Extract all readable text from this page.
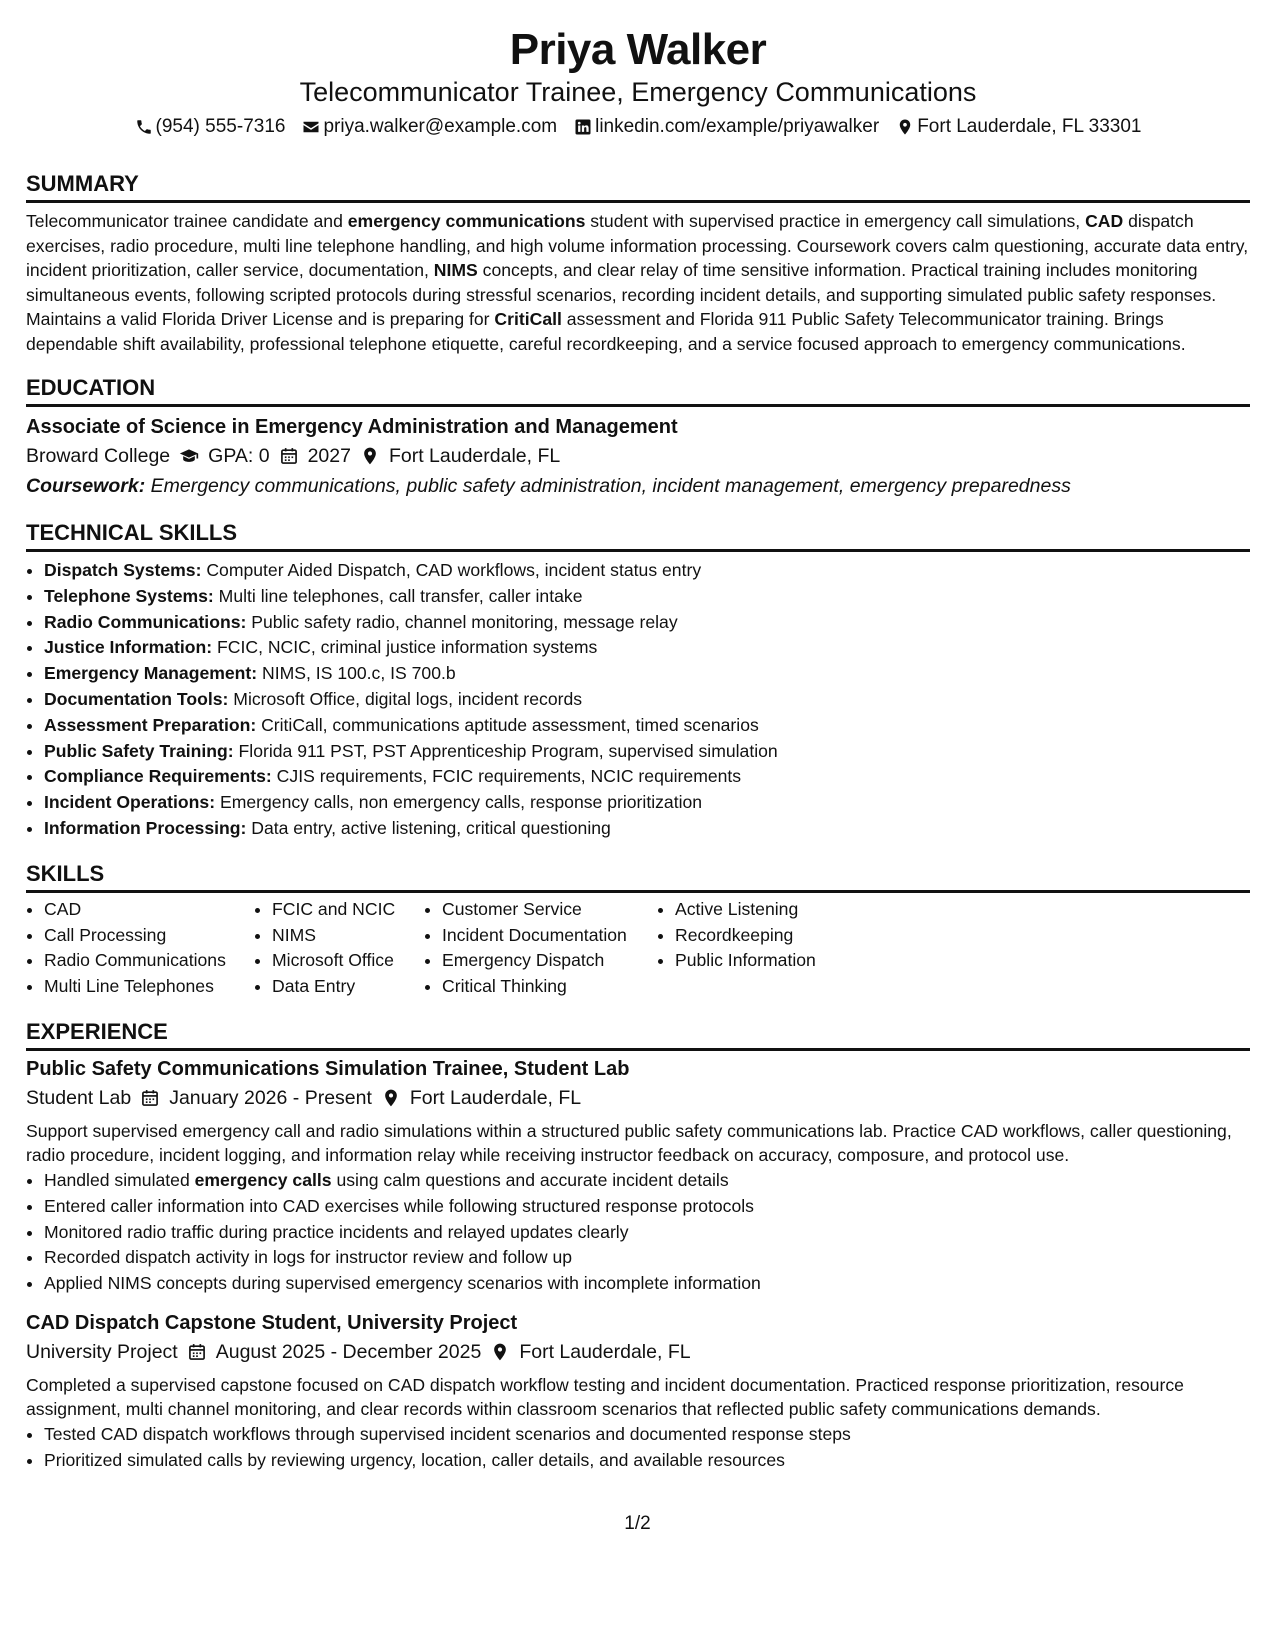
Priya Walker
Telecommunicator Trainee, Emergency Communications
(954) 555-7316 priya.walker@example.com linkedin.com/example/priyawalker Fort Lauderdale, FL 33301
SUMMARY

Telecommunicator trainee candidate and emergency communications student with supervised practice in emergency call simulations, CAD dispatch exercises, radio procedure, multi line telephone handling, and high volume information processing. Coursework covers calm questioning, accurate data entry, incident prioritization, caller service, documentation, NIMS concepts, and clear relay of time sensitive information. Practical training includes monitoring simultaneous events, following scripted protocols during stressful scenarios, recording incident details, and supporting simulated public safety responses. Maintains a valid Florida Driver License and is preparing for CritiCall assessment and Florida 911 Public Safety Telecommunicator training. Brings dependable shift availability, professional telephone etiquette, careful recordkeeping, and a service focused approach to emergency communications.

EDUCATION
Associate of Science in Emergency Administration and Management
Broward College GPA: 0 2027 Fort Lauderdale, FL
Coursework: Emergency communications, public safety administration, incident management, emergency preparedness
TECHNICAL SKILLS
• Dispatch Systems: Computer Aided Dispatch, CAD workflows, incident status entry
• Telephone Systems: Multi line telephones, call transfer, caller intake
• Radio Communications: Public safety radio, channel monitoring, message relay
• Justice Information: FCIC, NCIC, criminal justice information systems
• Emergency Management: NIMS, IS 100.c, IS 700.b
• Documentation Tools: Microsoft Office, digital logs, incident records
• Assessment Preparation: CritiCall, communications aptitude assessment, timed scenarios
• Public Safety Training: Florida 911 PST, PST Apprenticeship Program, supervised simulation
• Compliance Requirements: CJIS requirements, FCIC requirements, NCIC requirements
• Incident Operations: Emergency calls, non emergency calls, response prioritization
• Information Processing: Data entry, active listening, critical questioning
SKILLS
• CAD
• Call Processing
• Radio Communications
• Multi Line Telephones
• FCIC and NCIC
• NIMS
• Microsoft Office
• Data Entry
• Customer Service
• Incident Documentation
• Emergency Dispatch
• Critical Thinking
• Active Listening
• Recordkeeping
• Public Information
EXPERIENCE
Public Safety Communications Simulation Trainee, Student Lab
Student Lab January 2026 - Present Fort Lauderdale, FL

Support supervised emergency call and radio simulations within a structured public safety communications lab. Practice CAD workflows, caller questioning, radio procedure, incident logging, and information relay while receiving instructor feedback on accuracy, composure, and protocol use.

• Handled simulated emergency calls using calm questions and accurate incident details
• Entered caller information into CAD exercises while following structured response protocols
• Monitored radio traffic during practice incidents and relayed updates clearly
• Recorded dispatch activity in logs for instructor review and follow up
• Applied NIMS concepts during supervised emergency scenarios with incomplete information
CAD Dispatch Capstone Student, University Project
University Project August 2025 - December 2025 Fort Lauderdale, FL

Completed a supervised capstone focused on CAD dispatch workflow testing and incident documentation. Practiced response prioritization, resource assignment, multi channel monitoring, and clear records within classroom scenarios that reflected public safety communications demands.

• Tested CAD dispatch workflows through supervised incident scenarios and documented response steps
• Prioritized simulated calls by reviewing urgency, location, caller details, and available resources
1/2
